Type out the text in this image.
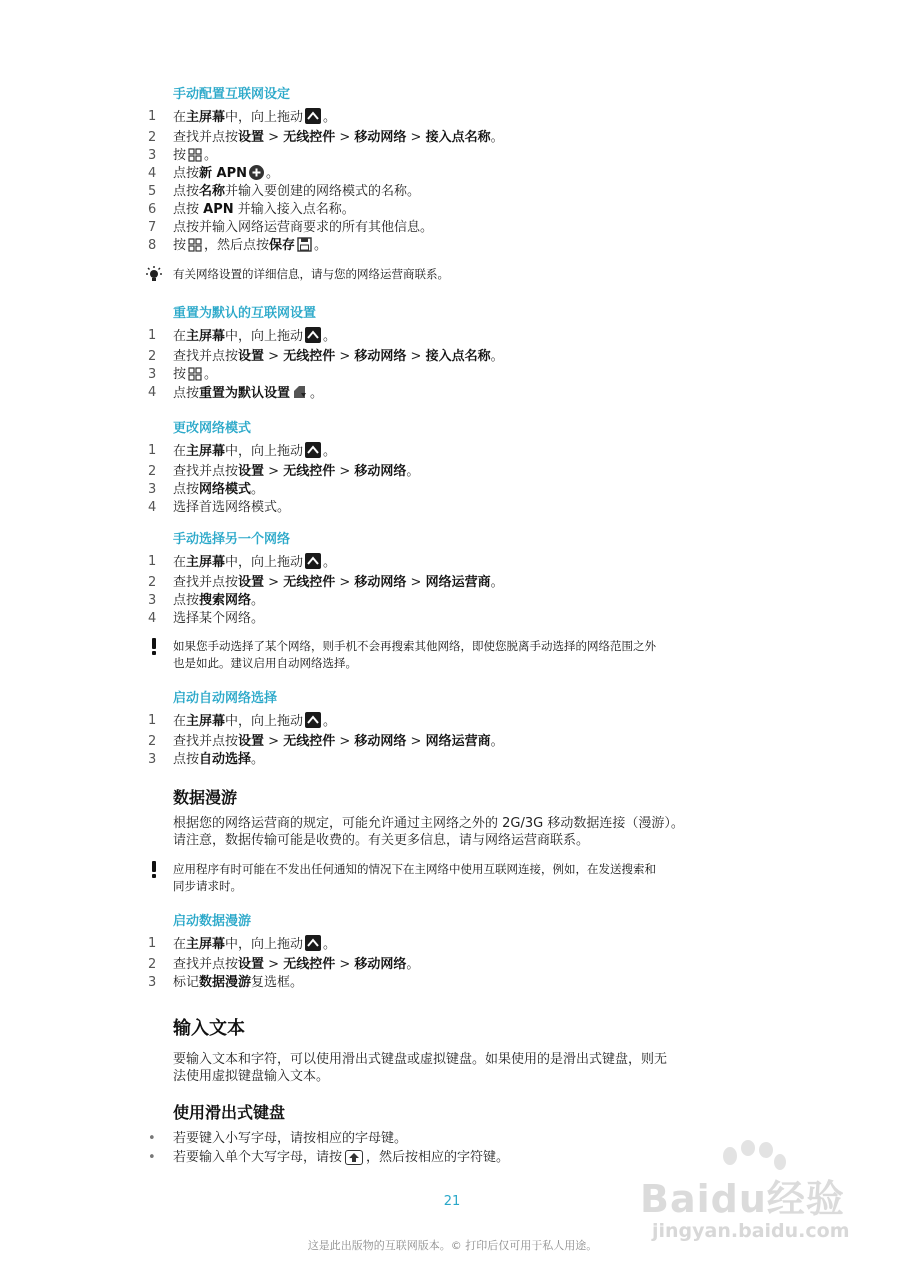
手动配置互联网设定
1	在主屏幕中，向上拖动 。
2	查找并点按设置 > 无线控件 > 移动网络 > 接入点名称。
3	按 。
4	点按新 APN 。
5	点按名称并输入要创建的网络模式的名称。
6	点按 APN 并输入接入点名称。
7	点按并输入网络运营商要求的所有其他信息。
8	按 ，然后点按保存 。
有关网络设置的详细信息，请与您的网络运营商联系。
重置为默认的互联网设置
1	在主屏幕中，向上拖动 。
2	查找并点按设置 > 无线控件 > 移动网络 > 接入点名称。
3	按 。
4	点按重置为默认设置 。
更改网络模式
1	在主屏幕中，向上拖动 。
2	查找并点按设置 > 无线控件 > 移动网络。
3	点按网络模式。
4	选择首选网络模式。
手动选择另一个网络
1	在主屏幕中，向上拖动 。
2	查找并点按设置 > 无线控件 > 移动网络 > 网络运营商。
3	点按搜索网络。
4	选择某个网络。
如果您手动选择了某个网络，则手机不会再搜索其他网络，即使您脱离手动选择的网络范围之外
也是如此。建议启用自动网络选择。
启动自动网络选择
1	在主屏幕中，向上拖动 。
2	查找并点按设置 > 无线控件 > 移动网络 > 网络运营商。
3	点按自动选择。
数据漫游
根据您的网络运营商的规定，可能允许通过主网络之外的 2G/3G 移动数据连接（漫游）。
请注意，数据传输可能是收费的。有关更多信息，请与网络运营商联系。
应用程序有时可能在不发出任何通知的情况下在主网络中使用互联网连接，例如，在发送搜索和
同步请求时。
启动数据漫游
1	在主屏幕中，向上拖动 。
2	查找并点按设置 > 无线控件 > 移动网络。
3	标记数据漫游复选框。
输入文本
要输入文本和字符，可以使用滑出式键盘或虚拟键盘。如果使用的是滑出式键盘，则无
法使用虚拟键盘输入文本。
使用滑出式键盘
•	若要键入小写字母，请按相应的字母键。
•	若要输入单个大写字母，请按 ，然后按相应的字符键。
21
这是此出版物的互联网版本。© 打印后仅可用于私人用途。
Baidu经验
jingyan.baidu.com
